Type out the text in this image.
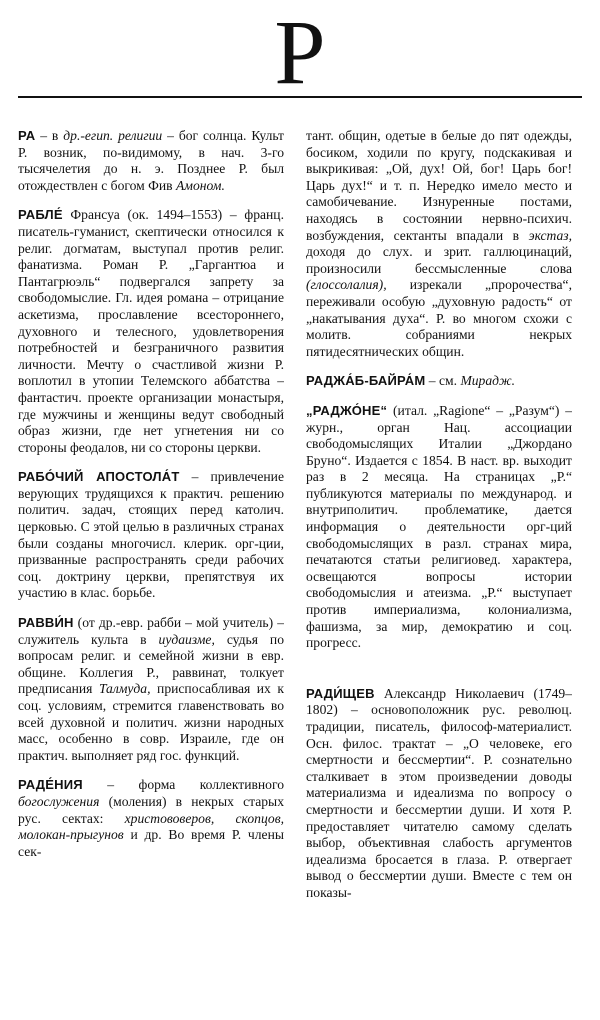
Р

РА – в др.-егип. религии – бог солнца. Культ Р. возник, по-видимому, в нач. 3-го тысячелетия до н. э. Позднее Р. был отождествлен с богом Фив Амоном.

РАБЛЕ́ Франсуа (ок. 1494–1553) – франц. писатель-гуманист, скептически относился к религ. догматам, выступал против религ. фанатизма. Роман Р. „Гаргантюа и Пантагрюэль“ подвергался запрету за свободомыслие. Гл. идея романа – отрицание аскетизма, прославление всестороннего, духовного и телесного, удовлетворения потребностей и безграничного развития личности. Мечту о счастливой жизни Р. воплотил в утопии Телемского аббатства – фантастич. проекте организации монастыря, где мужчины и женщины ведут свободный образ жизни, где нет угнетения ни со стороны феодалов, ни со стороны церкви.

РАБО́ЧИЙ АПОСТОЛА́Т – привлечение верующих трудящихся к практич. решению политич. задач, стоящих перед католич. церковью. С этой целью в различных странах были созданы многочисл. клерик. орг-ции, призванные распространять среди рабочих соц. доктрину церкви, препятствуя их участию в клас. борьбе.

РАВВИ́Н (от др.-евр. рабби – мой учитель) – служитель культа в иудаизме, судья по вопросам религ. и семейной жизни в евр. общине. Коллегия Р., раввинат, толкует предписания Талмуда, приспосабливая их к соц. условиям, стремится главенствовать во всей духовной и политич. жизни народных масс, особенно в совр. Израиле, где он практич. выполняет ряд гос. функций.

РАДЕ́НИЯ – форма коллективного богослужения (моления) в некрых старых рус. сектах: христововеров, скопцов, молокан-прыгунов и др. Во время Р. члены сек-

тант. общин, одетые в белые до пят одежды, босиком, ходили по кругу, подскакивая и выкрикивая: „Ой, дух! Ой, бог! Царь бог! Царь дух!“ и т. п. Нередко имело место и самобичевание. Изнуренные постами, находясь в состоянии нервно-психич. возбуждения, сектанты впадали в экстаз, доходя до слух. и зрит. галлюцинаций, произносили бессмысленные слова (глоссолалия), изрекали „пророчества“, переживали особую „духовную радость“ от „накатывания духа“. Р. во многом схожи с молитв. собраниями некрых пятидесятнических общин.

РАДЖА́Б-БАЙРА́М – см. Мирадж.

„РАДЖО́НЕ“ (итал. „Ragione“ – „Разум“) – журн., орган Нац. ассоциации свободомыслящих Италии „Джордано Бруно“. Издается с 1854. В наст. вр. выходит раз в 2 месяца. На страницах „Р.“ публикуются материалы по международ. и внутриполитич. проблематике, дается информация о деятельности орг-ций свободомыслящих в разл. странах мира, печатаются статьи религиовед. характера, освещаются вопросы истории свободомыслия и атеизма. „Р.“ выступает против империализма, колониализма, фашизма, за мир, демократию и соц. прогресс.

РАДИ́ЩЕВ Александр Николаевич (1749–1802) – основоположник рус. революц. традиции, писатель, философ-материалист. Осн. филос. трактат – „О человеке, его смертности и бессмертии“. Р. сознательно сталкивает в этом произведении доводы материализма и идеализма по вопросу о смертности и бессмертии души. И хотя Р. предоставляет читателю самому сделать выбор, объективная слабость аргументов идеализма бросается в глаза. Р. отвергает вывод о бессмертии души. Вместе с тем он показы-
